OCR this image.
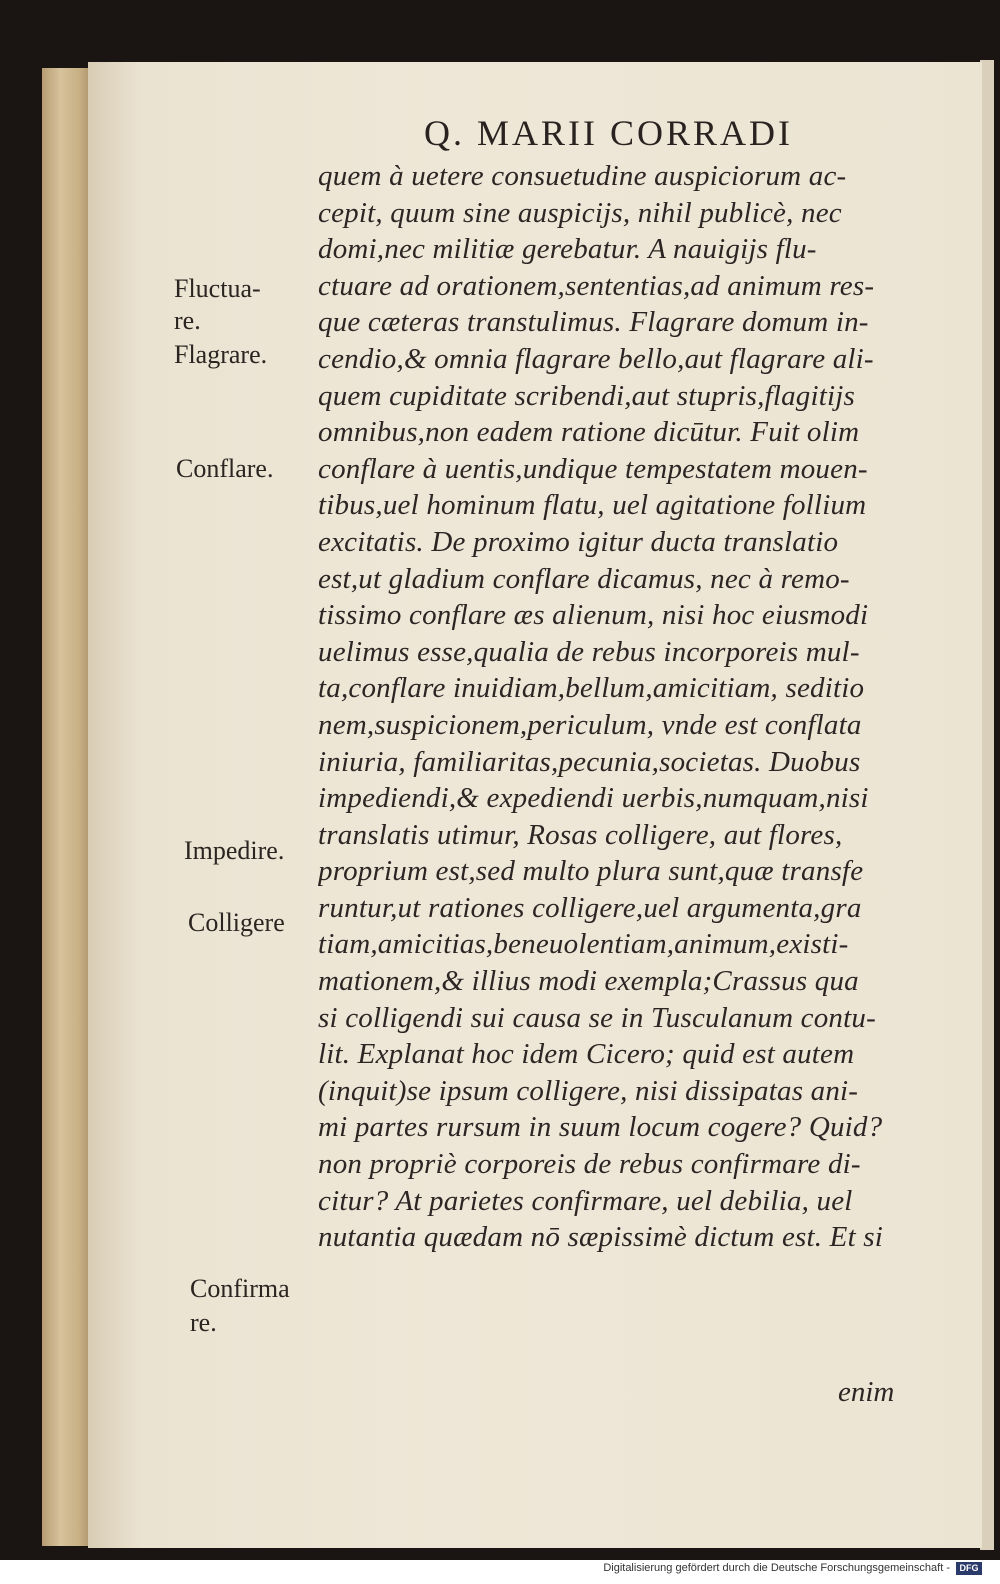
Q. MARII CORRADI
Fluctua-
re.
Flagrare.
Conflare.
Impedire.
Colligere
Confirma
re.
quem à uetere consuetudine auspiciorum ac-
cepit, quum sine auspicijs, nihil publicè, nec
domi,nec militiæ gerebatur. A nauigijs flu-
ctuare ad orationem,sententias,ad animum res-
que cæteras transtulimus. Flagrare domum in-
cendio,& omnia flagrare bello,aut flagrare ali-
quem cupiditate scribendi,aut stupris,flagitijs
omnibus,non eadem ratione dicūtur. Fuit olim
conflare à uentis,undique tempestatem mouen-
tibus,uel hominum flatu, uel agitatione follium
excitatis. De proximo igitur ducta translatio
est,ut gladium conflare dicamus, nec à remo-
tissimo conflare æs alienum, nisi hoc eiusmodi
uelimus esse,qualia de rebus incorporeis mul-
ta,conflare inuidiam,bellum,amicitiam, seditio
nem,suspicionem,periculum, vnde est conflata
iniuria, familiaritas,pecunia,societas. Duobus
impediendi,& expediendi uerbis,numquam,nisi
translatis utimur, Rosas colligere, aut flores,
proprium est,sed multo plura sunt,quæ transfe
runtur,ut rationes colligere,uel argumenta,gra
tiam,amicitias,beneuolentiam,animum,existi-
mationem,& illius modi exempla;Crassus qua
si colligendi sui causa se in Tusculanum contu-
lit. Explanat hoc idem Cicero; quid est autem
(inquit)se ipsum colligere, nisi dissipatas ani-
mi partes rursum in suum locum cogere? Quid?
non propriè corporeis de rebus confirmare di-
citur? At parietes confirmare, uel debilia, uel
nutantia quædam nō sæpissimè dictum est. Et si
enim
Digitalisierung gefördert durch die Deutsche Forschungsgemeinschaft -	DFG
